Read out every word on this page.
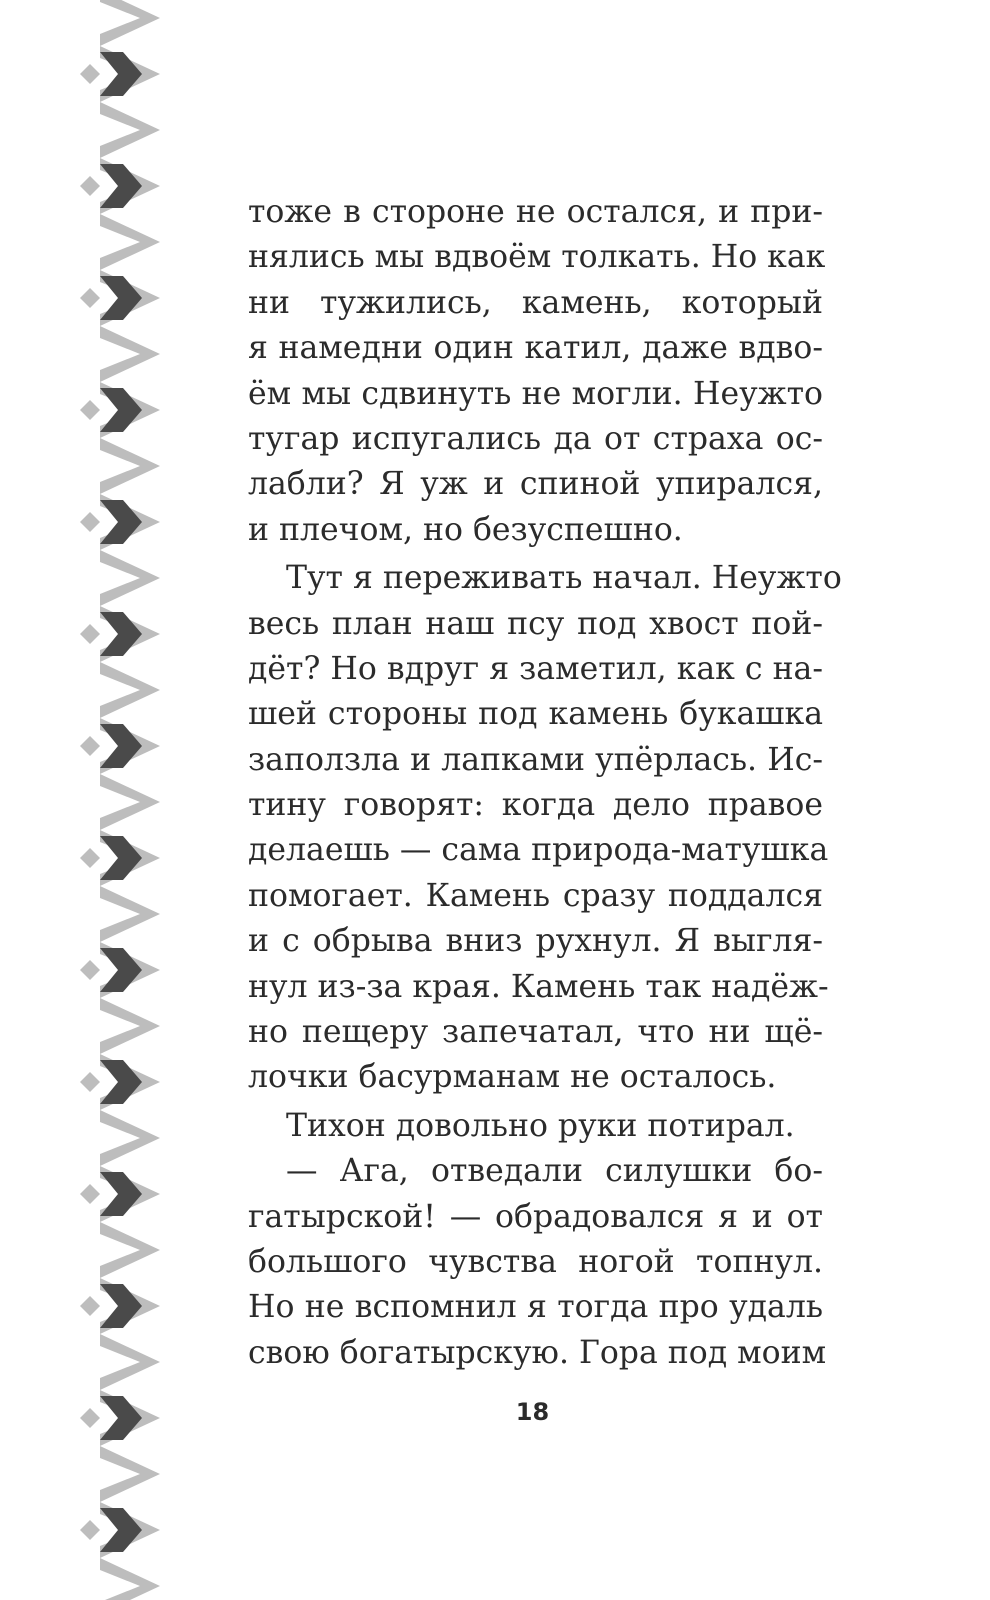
тоже в стороне не остался, и при-
нялись мы вдвоём толкать. Но как
ни тужились, камень, который
я намедни один катил, даже вдво-
ём мы сдвинуть не могли. Неужто
тугар испугались да от страха ос-
лабли? Я уж и спиной упирался,
и плечом, но безуспешно.
Тут я переживать начал. Неужто
весь план наш псу под хвост пой-
дёт? Но вдруг я заметил, как с на-
шей стороны под камень букашка
заползла и лапками упёрлась. Ис-
тину говорят: когда дело правое
делаешь — сама природа-матушка
помогает. Камень сразу поддался
и с обрыва вниз рухнул. Я выгля-
нул из-за края. Камень так надёж-
но пещеру запечатал, что ни щё-
лочки басурманам не осталось.
Тихон довольно руки потирал.
— Ага, отведали силушки бо-
гатырской! — обрадовался я и от
большого чувства ногой топнул.
Но не вспомнил я тогда про удаль
свою богатырскую. Гора под моим
18
